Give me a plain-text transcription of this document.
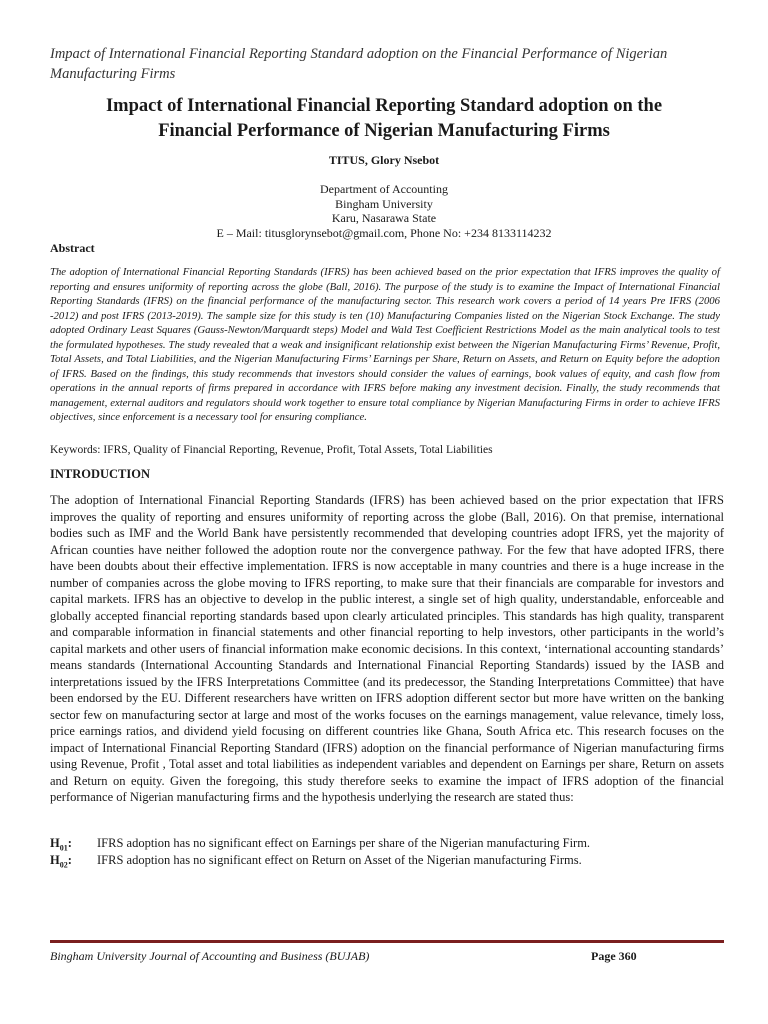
Impact of International Financial Reporting Standard adoption on the Financial Performance of Nigerian Manufacturing Firms
Impact of International Financial Reporting Standard adoption on the
Financial Performance of Nigerian Manufacturing Firms
TITUS, Glory Nsebot
Department of Accounting
Bingham University
Karu, Nasarawa State
E – Mail: titusglorynsebot@gmail.com, Phone No: +234 8133114232
Abstract
The adoption of International Financial Reporting Standards (IFRS) has been achieved based on the prior expectation that IFRS improves the quality of reporting and ensures uniformity of reporting across the globe (Ball, 2016). The purpose of the study is to examine the Impact of International Financial Reporting Standards (IFRS) on the financial performance of the manufacturing sector. This research work covers a period of 14 years Pre IFRS (2006 -2012) and post IFRS (2013-2019). The sample size for this study is ten (10) Manufacturing Companies listed on the Nigerian Stock Exchange. The study adopted Ordinary Least Squares (Gauss-Newton/Marquardt steps) Model and Wald Test Coefficient Restrictions Model as the main analytical tools to test the formulated hypotheses. The study revealed that a weak and insignificant relationship exist between the Nigerian Manufacturing Firms’ Revenue, Profit, Total Assets, and Total Liabilities, and the Nigerian Manufacturing Firms’ Earnings per Share, Return on Assets, and Return on Equity before the adoption of IFRS. Based on the findings, this study recommends that investors should consider the values of earnings, book values of equity, and cash flow from operations in the annual reports of firms prepared in accordance with IFRS before making any investment decision. Finally, the study recommends that management, external auditors and regulators should work together to ensure total compliance by Nigerian Manufacturing Firms in order to achieve IFRS objectives, since enforcement is a necessary tool for ensuring compliance.
Keywords: IFRS, Quality of Financial Reporting, Revenue, Profit, Total Assets, Total Liabilities
INTRODUCTION
The adoption of International Financial Reporting Standards (IFRS) has been achieved based on the prior expectation that IFRS improves the quality of reporting and ensures uniformity of reporting across the globe (Ball, 2016). On that premise, international bodies such as IMF and the World Bank have persistently recommended that developing countries adopt IFRS, yet the majority of African counties have neither followed the adoption route nor the convergence pathway. For the few that have adopted IFRS, there have been doubts about their effective implementation. IFRS is now acceptable in many countries and there is a huge increase in the number of companies across the globe moving to IFRS reporting, to make sure that their financials are comparable for investors and capital markets. IFRS has an objective to develop in the public interest, a single set of high quality, understandable, enforceable and globally accepted financial reporting standards based upon clearly articulated principles. This standards has high quality, transparent and comparable information in financial statements and other financial reporting to help investors, other participants in the world’s capital markets and other users of financial information make economic decisions. In this context, ‘international accounting standards’ means standards (International Accounting Standards and International Financial Reporting Standards) issued by the IASB and interpretations issued by the IFRS Interpretations Committee (and its predecessor, the Standing Interpretations Committee) that have been endorsed by the EU. Different researchers have written on IFRS adoption different sector but more have written on the banking sector few on manufacturing sector at large and most of the works focuses on the earnings management, value relevance, timely loss, price earnings ratios, and dividend yield focusing on different countries like Ghana, South Africa etc. This research focuses on the impact of International Financial Reporting Standard (IFRS) adoption on the financial performance of Nigerian manufacturing firms using Revenue, Profit , Total asset and total liabilities as independent variables and dependent on Earnings per share, Return on assets and Return on equity. Given the foregoing, this study therefore seeks to examine the impact of IFRS adoption of the financial performance of Nigerian manufacturing firms and the hypothesis underlying the research are stated thus:
$H_{01}$: IFRS adoption has no significant effect on Earnings per share of the Nigerian manufacturing Firm.
$H_{02}$: IFRS adoption has no significant effect on Return on Asset of the Nigerian manufacturing Firms.
Bingham University Journal of Accounting and Business (BUJAB)	Page 360
